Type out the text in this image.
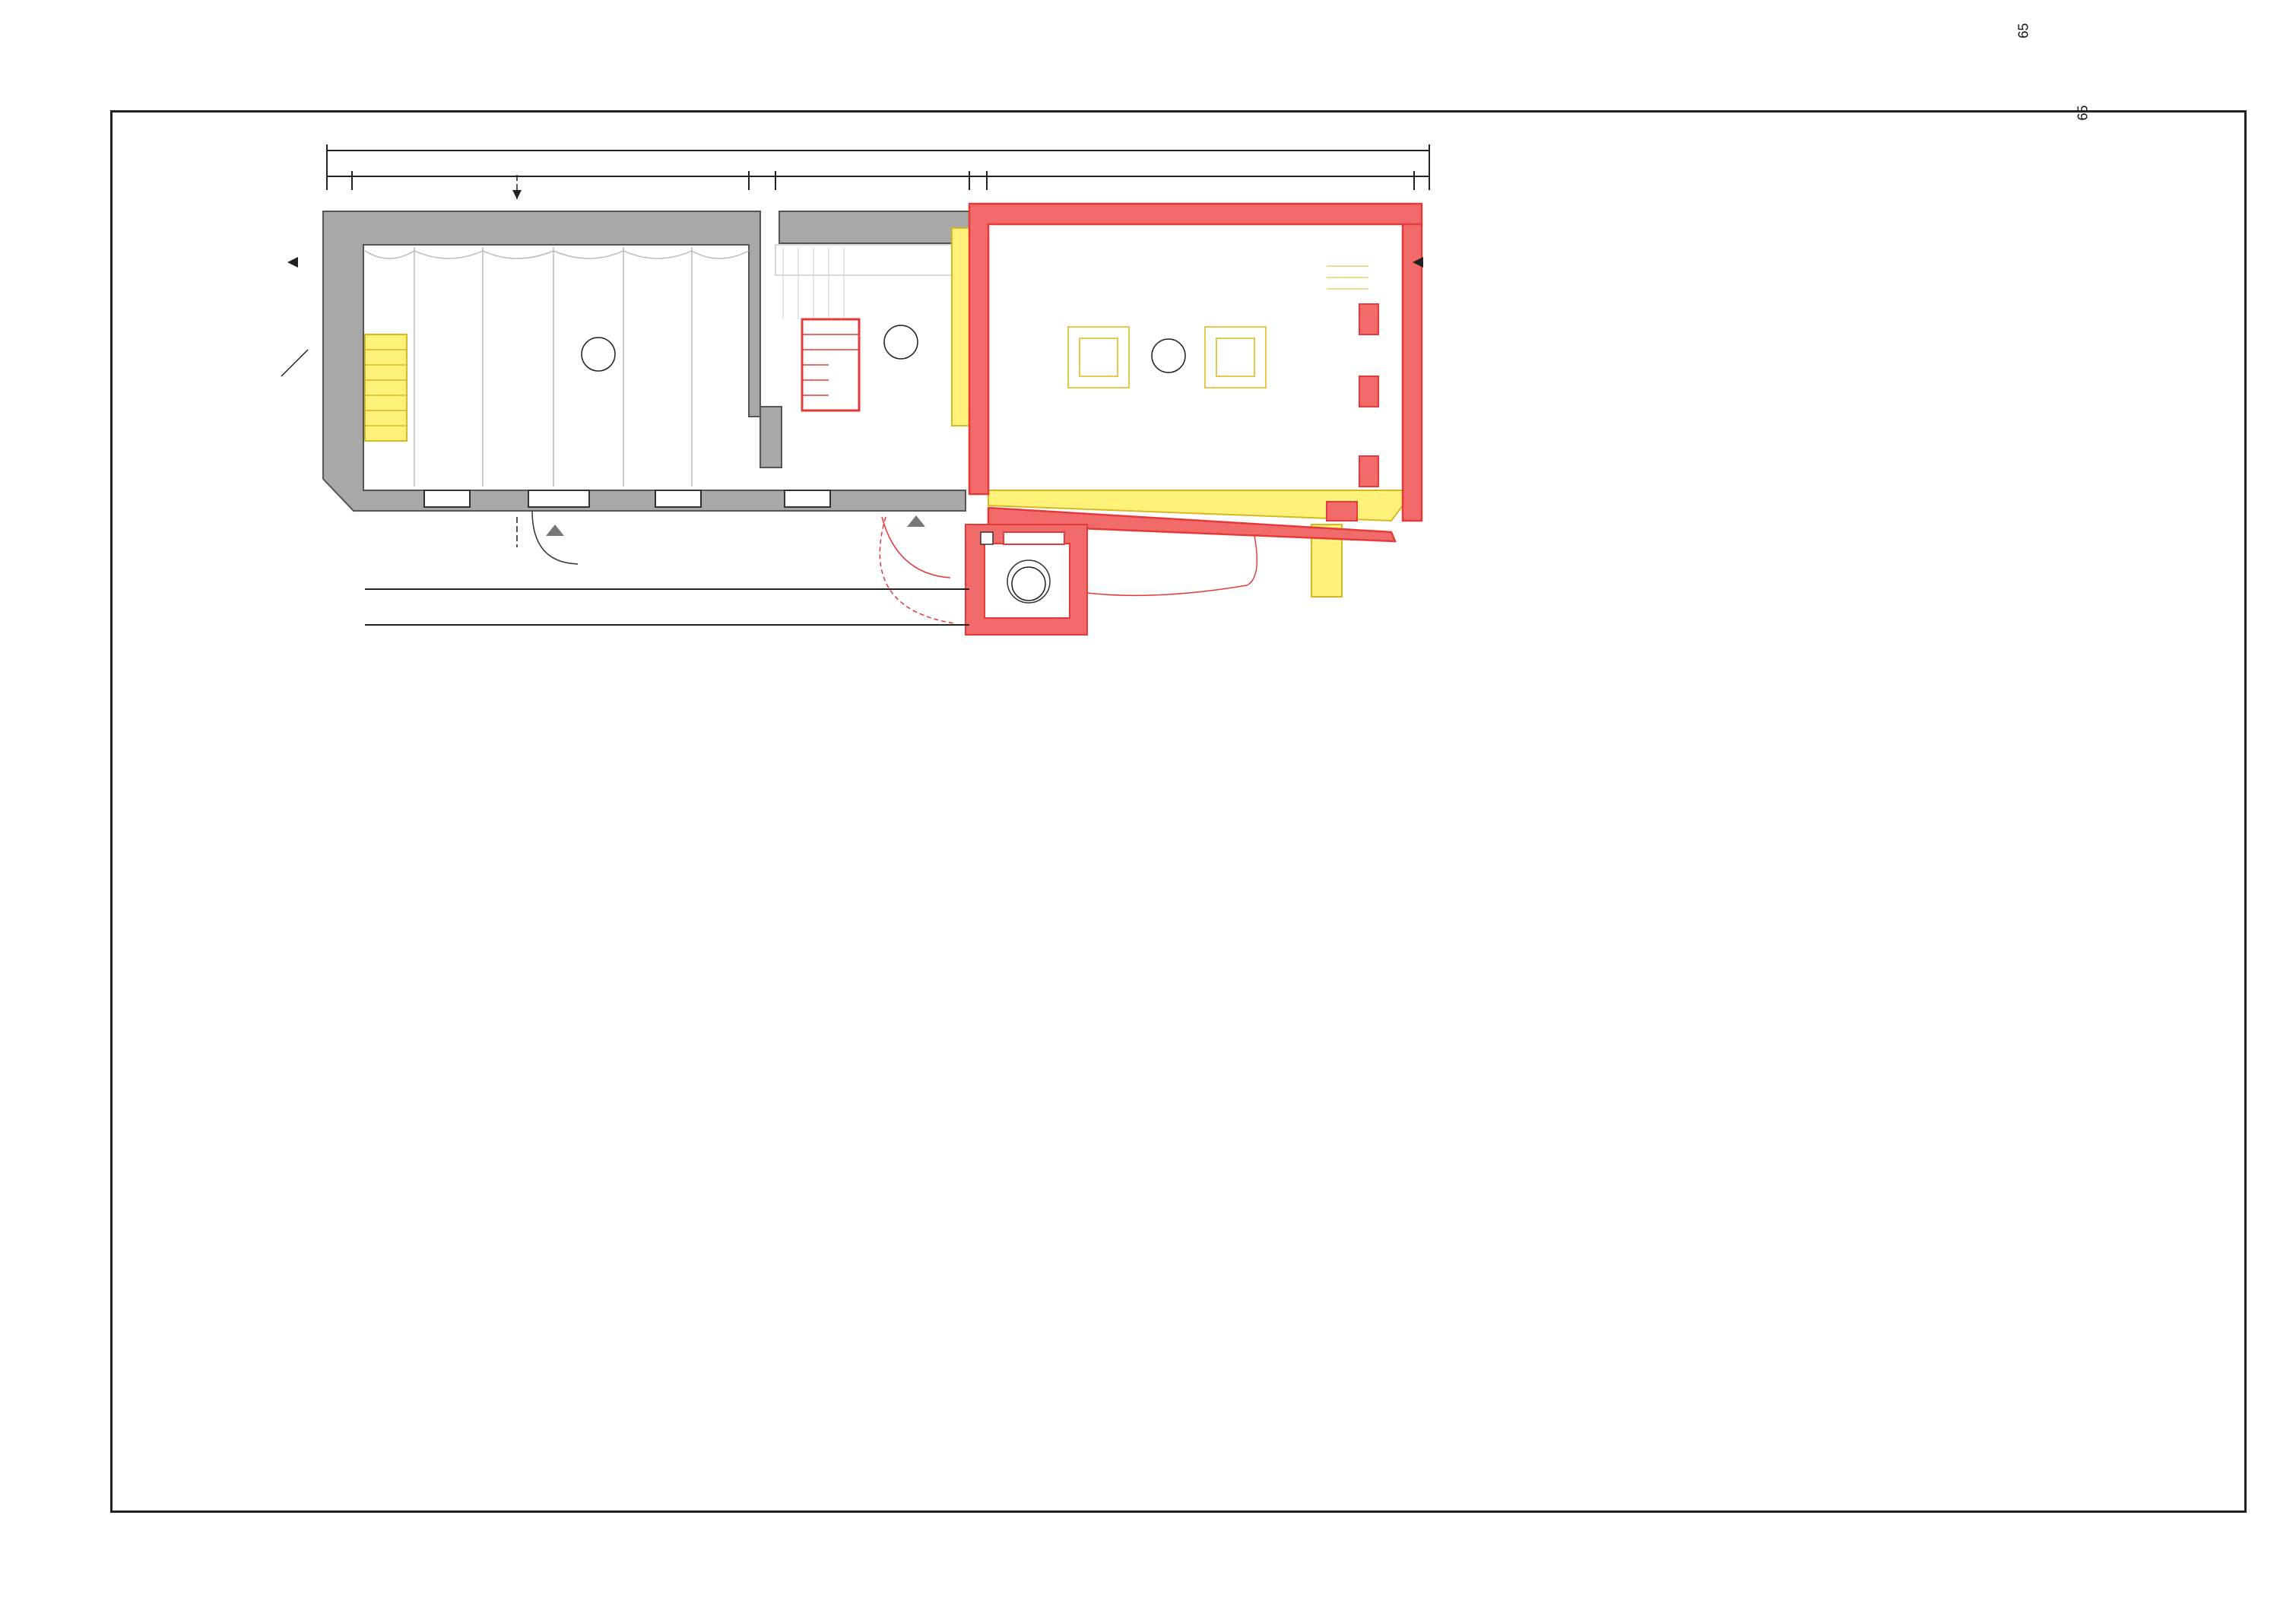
65
65
